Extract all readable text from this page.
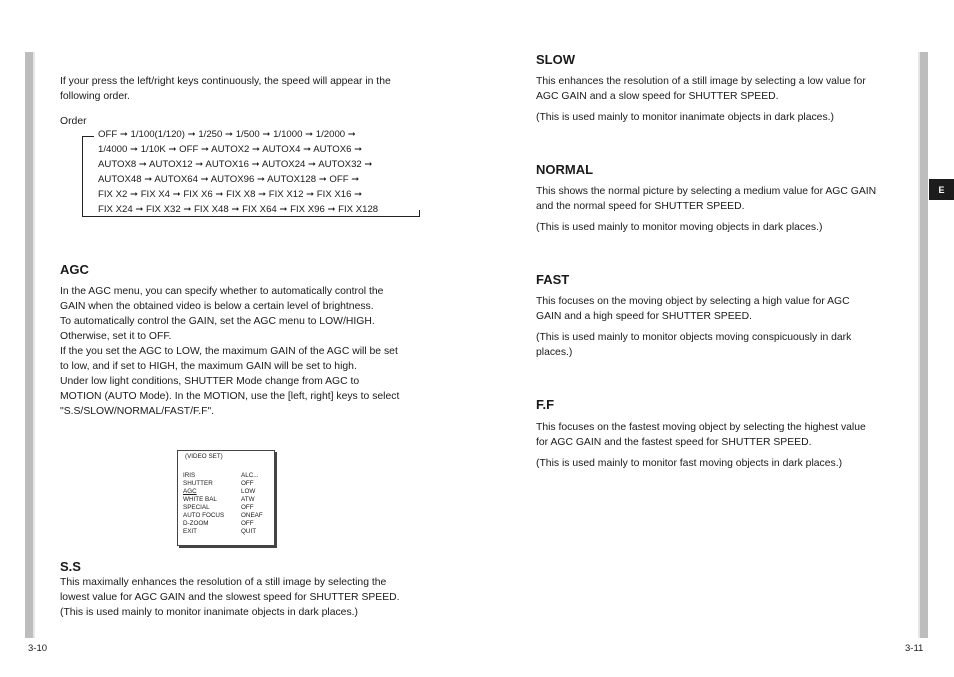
E

If your press the left/right keys continuously, the speed will appear in the following order.

Order
OFF ➞ 1/100(1/120) ➞ 1/250 ➞ 1/500 ➞ 1/1000 ➞ 1/2000 ➞
1/4000 ➞ 1/10K ➞ OFF ➞ AUTOX2 ➞ AUTOX4 ➞ AUTOX6 ➞
AUTOX8 ➞ AUTOX12 ➞ AUTOX16 ➞ AUTOX24 ➞ AUTOX32 ➞
AUTOX48 ➞ AUTOX64 ➞ AUTOX96 ➞ AUTOX128 ➞ OFF ➞
FIX X2 ➞ FIX X4 ➞ FIX X6 ➞ FIX X8 ➞ FIX X12 ➞ FIX X16 ➞
FIX X24 ➞ FIX X32 ➞ FIX X48 ➞ FIX X64 ➞ FIX X96 ➞ FIX X128
AGC

In the AGC menu, you can specify whether to automatically control the

GAIN when the obtained video is below a certain level of brightness.

To automatically control the GAIN, set the AGC menu to LOW/HIGH.

Otherwise, set it to OFF.

If the you set the AGC to LOW, the maximum GAIN of the AGC will be set

to low, and if set to HIGH, the maximum GAIN will be set to high.

Under low light conditions, SHUTTER Mode change from AGC to

MOTION (AUTO Mode). In the MOTION, use the [left, right] keys to select

"S.S/SLOW/NORMAL/FAST/F.F".

(VIDEO SET)
IRIS	ALC...
SHUTTER	OFF
AGC	LOW
WHITE BAL	ATW
SPECIAL	OFF
AUTO FOCUS	ONEAF
D-ZOOM	OFF
EXIT	QUIT
S.S

This maximally enhances the resolution of a still image by selecting the

lowest value for AGC GAIN and the slowest speed for SHUTTER SPEED.

(This is used mainly to monitor inanimate objects in dark places.)

3-10
SLOW

This enhances the resolution of a still image by selecting a low value for

AGC GAIN and a slow speed for SHUTTER SPEED.

(This is used mainly to monitor inanimate objects in dark places.)

NORMAL

This shows the normal picture by selecting a medium value for AGC GAIN

and the normal speed for SHUTTER SPEED.

(This is used mainly to monitor moving objects in dark places.)

FAST

This focuses on the moving object by selecting a high value for AGC

GAIN and a high speed for SHUTTER SPEED.

(This is used mainly to monitor objects moving conspicuously in dark

places.)

F.F

This focuses on the fastest moving object by selecting the highest value

for AGC GAIN and the fastest speed for SHUTTER SPEED.

(This is used mainly to monitor fast moving objects in dark places.)

3-11
